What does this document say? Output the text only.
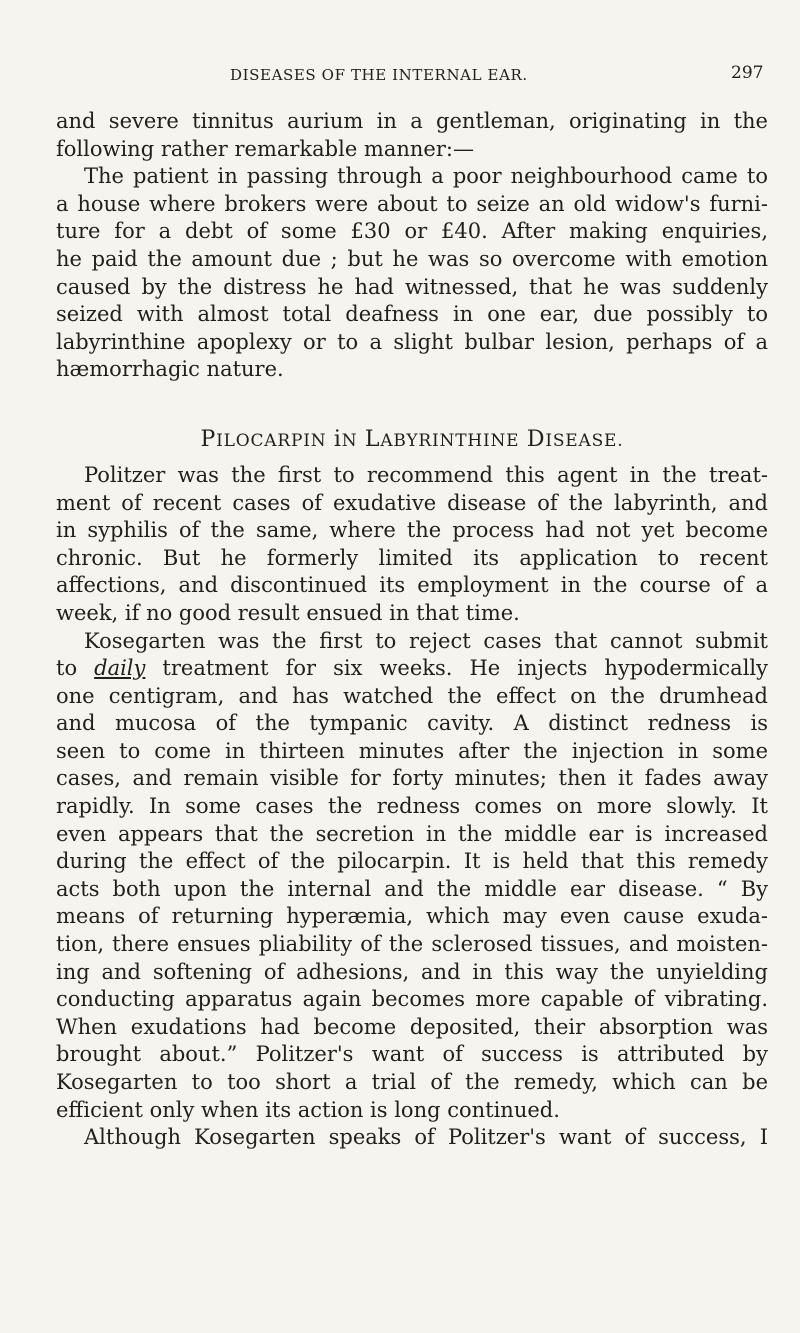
DISEASES OF THE INTERNAL EAR.	297
and severe tinnitus aurium in a gentleman, originating in the
following rather remarkable manner:—
The patient in passing through a poor neighbourhood came to
a house where brokers were about to seize an old widow's furni-
ture for a debt of some £30 or £40. After making enquiries,
he paid the amount due ; but he was so overcome with emotion
caused by the distress he had witnessed, that he was suddenly
seized with almost total deafness in one ear, due possibly to
labyrinthine apoplexy or to a slight bulbar lesion, perhaps of a
hæmorrhagic nature.
PILOCARPIN iN LABYRINTHINE DISEASE.
Politzer was the first to recommend this agent in the treat-
ment of recent cases of exudative disease of the labyrinth, and
in syphilis of the same, where the process had not yet become
chronic. But he formerly limited its application to recent
affections, and discontinued its employment in the course of a
week, if no good result ensued in that time.
Kosegarten was the first to reject cases that cannot submit
to daily treatment for six weeks. He injects hypodermically
one centigram, and has watched the effect on the drumhead
and mucosa of the tympanic cavity. A distinct redness is
seen to come in thirteen minutes after the injection in some
cases, and remain visible for forty minutes; then it fades away
rapidly. In some cases the redness comes on more slowly. It
even appears that the secretion in the middle ear is increased
during the effect of the pilocarpin. It is held that this remedy
acts both upon the internal and the middle ear disease. “ By
means of returning hyperæmia, which may even cause exuda-
tion, there ensues pliability of the sclerosed tissues, and moisten-
ing and softening of adhesions, and in this way the unyielding
conducting apparatus again becomes more capable of vibrating.
When exudations had become deposited, their absorption was
brought about.” Politzer's want of success is attributed by
Kosegarten to too short a trial of the remedy, which can be
efficient only when its action is long continued.
Although Kosegarten speaks of Politzer's want of success, I
